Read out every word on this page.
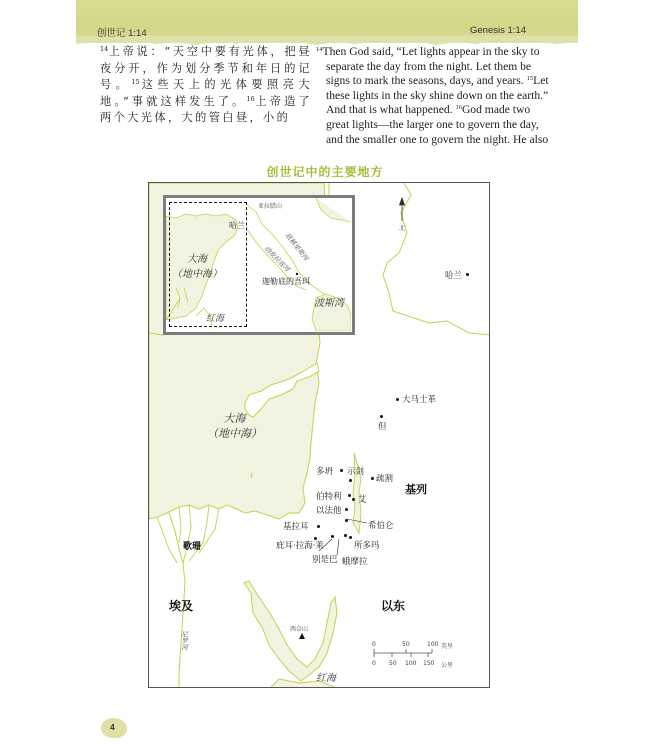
创世记 1:14	Genesis 1:14
$^{14}$上帝说：“天空中要有光体，把昼夜分开，作为划分季节和年日的记号。$^{15}$这些天上的光体要照亮大地。”事就这样发生了。$^{16}$上帝造了两个大光体，大的管白昼，小的

$^{14}$Then God said, “Let lights appear in the sky to separate the day from the night. Let them be signs to mark the seasons, days, and years. $^{15}$Let these lights in the sky shine down on the earth.” And that is what happened. $^{16}$God made two great lights—the larger one to govern the day, and the smaller one to govern the night. He also

创世记中的主要地方
亚拉腊山
哈兰
大海
（地中海）
底格里斯河
幼发拉底河
迦勒底的吾珥
波斯湾
红海
北
大海
（地中海）
红海
基列
埃及	以东
歌珊
尼罗河
哈兰
大马士革
但
多坍 示剑
疏割
伯特利 艾
以法他
希伯仑
基拉耳
庇耳·拉海·莱
别是巴 蛾摩拉
所多玛
西奈山
0	50	100 英里
0 50 100 150 公里
4
